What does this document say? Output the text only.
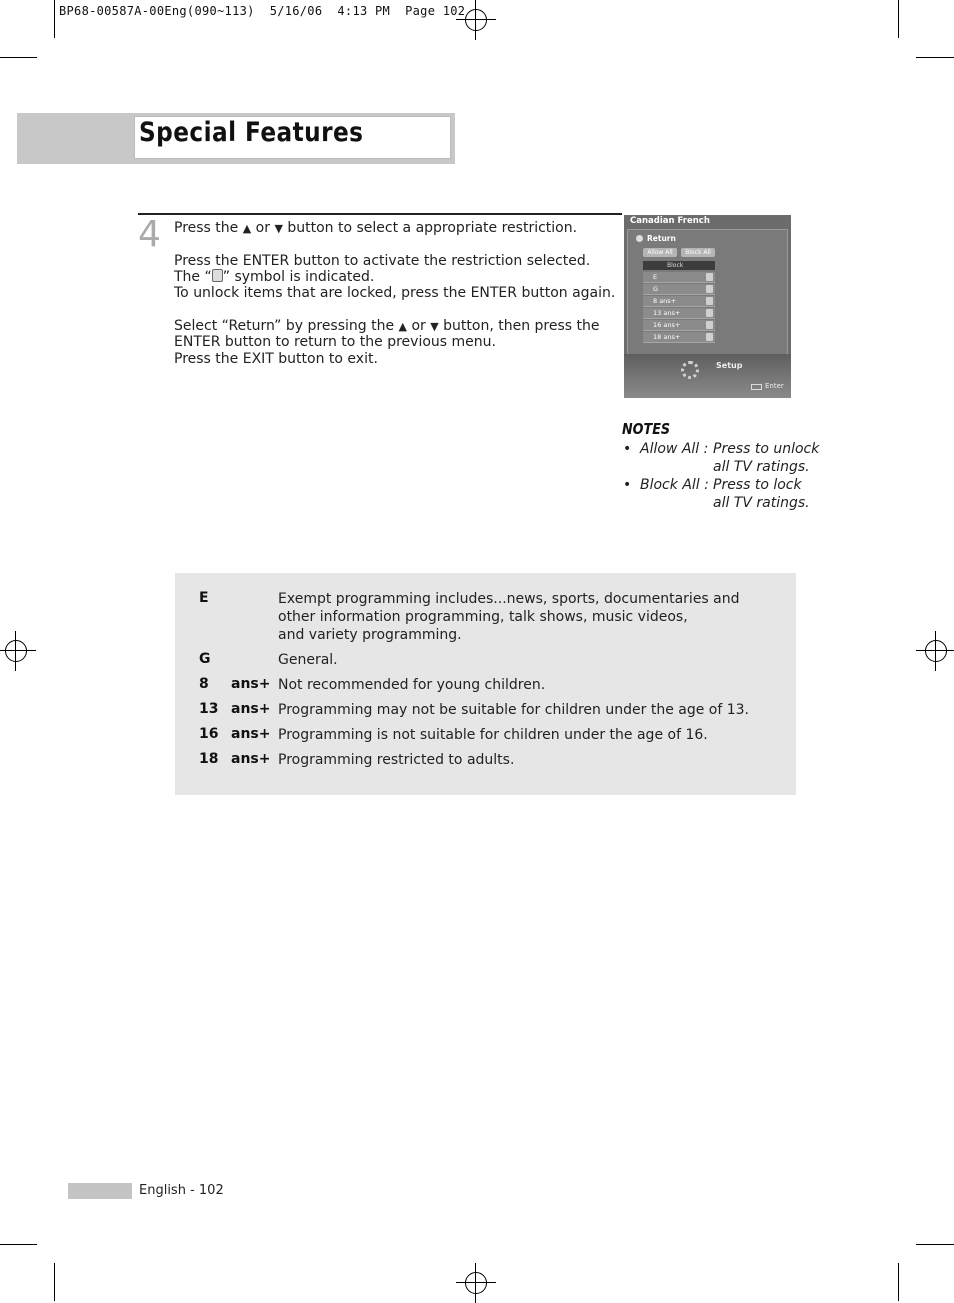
BP68-00587A-00Eng(090~113)  5/16/06  4:13 PM  Page 102
Special Features
4 Press the ▲ or ▼ button to select a appropriate restriction.
Press the ENTER button to activate the restriction selected.
The “ ” symbol is indicated.
To unlock items that are locked, press the ENTER button again.
Select “Return” by pressing the ▲ or ▼ button, then press the
ENTER button to return to the previous menu.
Press the EXIT button to exit.
Canadian French
Return
Allow All	Block All
Block
E
G
8 ans+
13 ans+
16 ans+
18 ans+
Setup
Enter
NOTES
• Allow All : Press to unlock
all TV ratings.
• Block All : Press to lock
all TV ratings.
E	Exempt programming includes...news, sports, documentaries and
other information programming, talk shows, music videos,
and variety programming.
G	General.
8 ans+ Not recommended for young children.
13 ans+ Programming may not be suitable for children under the age of 13.
16 ans+ Programming is not suitable for children under the age of 16.
18 ans+ Programming restricted to adults.
English - 102
